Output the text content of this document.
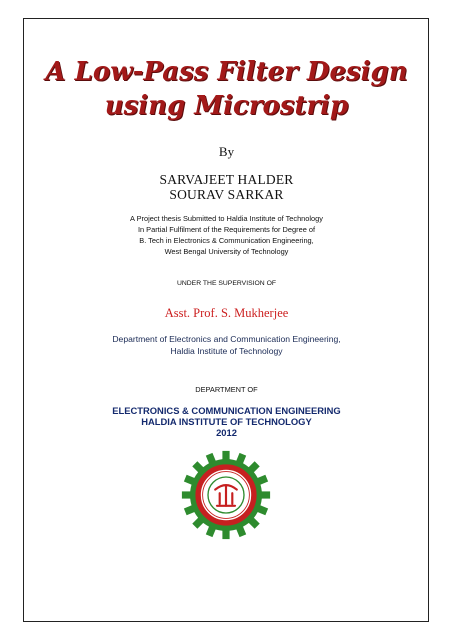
A Low-Pass Filter Design
using Microstrip
By
SARVAJEET HALDER
SOURAV SARKAR
A Project thesis Submitted to Haldia Institute of Technology
In Partial Fulfilment of the Requirements for Degree of
B. Tech in Electronics & Communication Engineering,
West Bengal University of Technology
UNDER THE SUPERVISION OF
Asst. Prof. S. Mukherjee
Department of Electronics and Communication Engineering,
Haldia Institute of Technology
DEPARTMENT OF
ELECTRONICS & COMMUNICATION ENGINEERING
HALDIA INSTITUTE OF TECHNOLOGY
2012
